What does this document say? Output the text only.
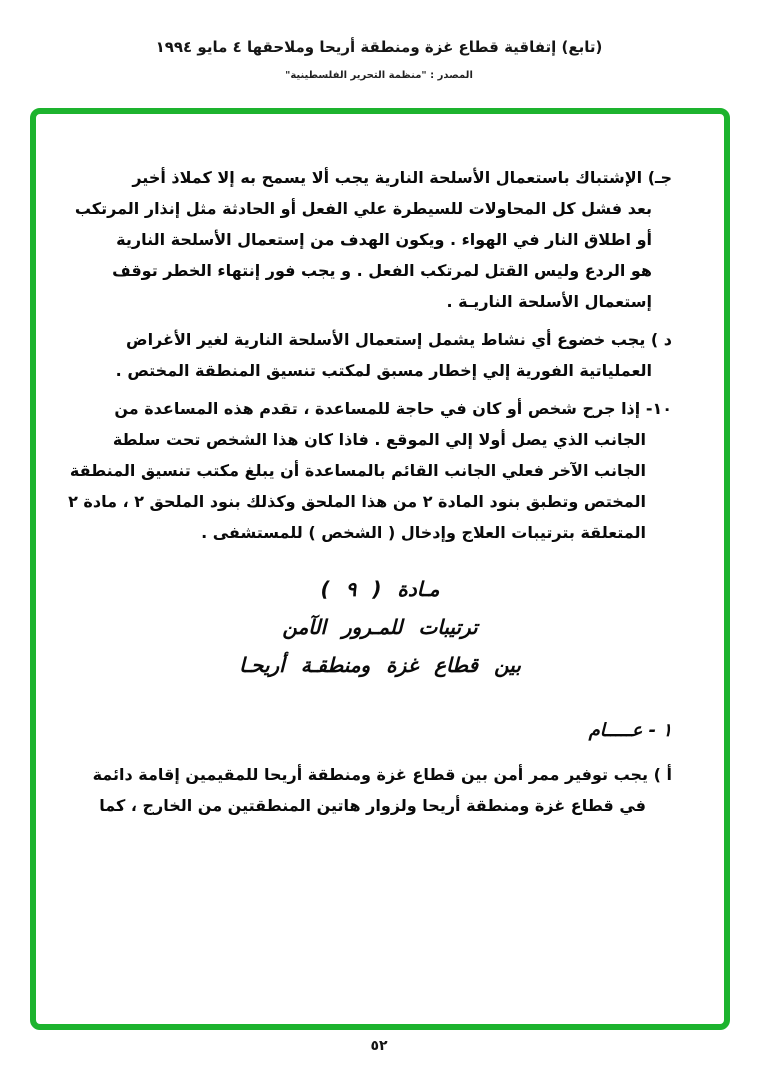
(تابع) إتفاقية قطاع غزة ومنطقة أريحا وملاحقها ٤ مايو ١٩٩٤
المصدر : "منظمة التحرير الفلسطينية"
جـ) الإشتباك باستعمال الأسلحة النارية يجب ألا يسمح به إلا كملاذ أخير
بعد فشل كل المحاولات للسيطرة علي الفعل أو الحادثة مثل إنذار المرتكب
أو اطلاق النار في الهواء . ويكون الهدف من إستعمال الأسلحة النارية
هو الردع وليس القتل لمرتكب الفعل . و يجب فور إنتهاء الخطر توقف
إستعمال الأسلحة الناريـة .
د ) يجب خضوع أي نشاط يشمل إستعمال الأسلحة النارية لغير الأغراض
العملياتية الفورية إلي إخطار مسبق لمكتب تنسيق المنطقة المختص .
١٠- إذا جرح شخص أو كان في حاجة للمساعدة ، تقدم هذه المساعدة من
الجانب الذي يصل أولا إلي الموقع . فاذا كان هذا الشخص تحت سلطة
الجانب الآخر فعلي الجانب القائم بالمساعدة أن يبلغ مكتب تنسيق المنطقة
المختص وتطبق بنود المادة ٢ من هذا الملحق وكذلك بنود الملحق ٢ ، مادة ٢
المتعلقة بترتيبات العلاج وإدخال ( الشخص ) للمستشفى .
مـادة ( ٩ )
ترتيبات للمـرور الآمن
بين قطاع غزة ومنطقـة أريحـا
١ - عـــــام
أ ) يجب توفير ممر أمن بين قطاع غزة ومنطقة أريحا للمقيمين إقامة دائمة
في قطاع غزة ومنطقة أريحا ولزوار هاتين المنطقتين من الخارج ، كما
٥٢
